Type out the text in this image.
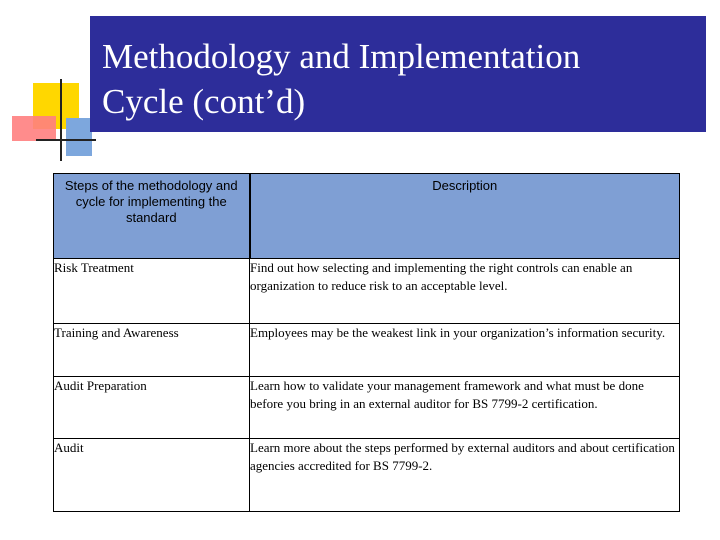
Methodology and Implementation
Cycle (cont’d)
Steps of the methodology and cycle for implementing the standard	Description
Risk Treatment	Find out how selecting and implementing the right controls can enable an organization to reduce risk to an acceptable level.
Training and Awareness	Employees may be the weakest link in your organization’s information security.
Audit Preparation	Learn how to validate your management framework and what must be done before you bring in an external auditor for BS 7799-2 certification.
Audit	Learn more about the steps performed by external auditors and about certification agencies accredited for BS 7799-2.
